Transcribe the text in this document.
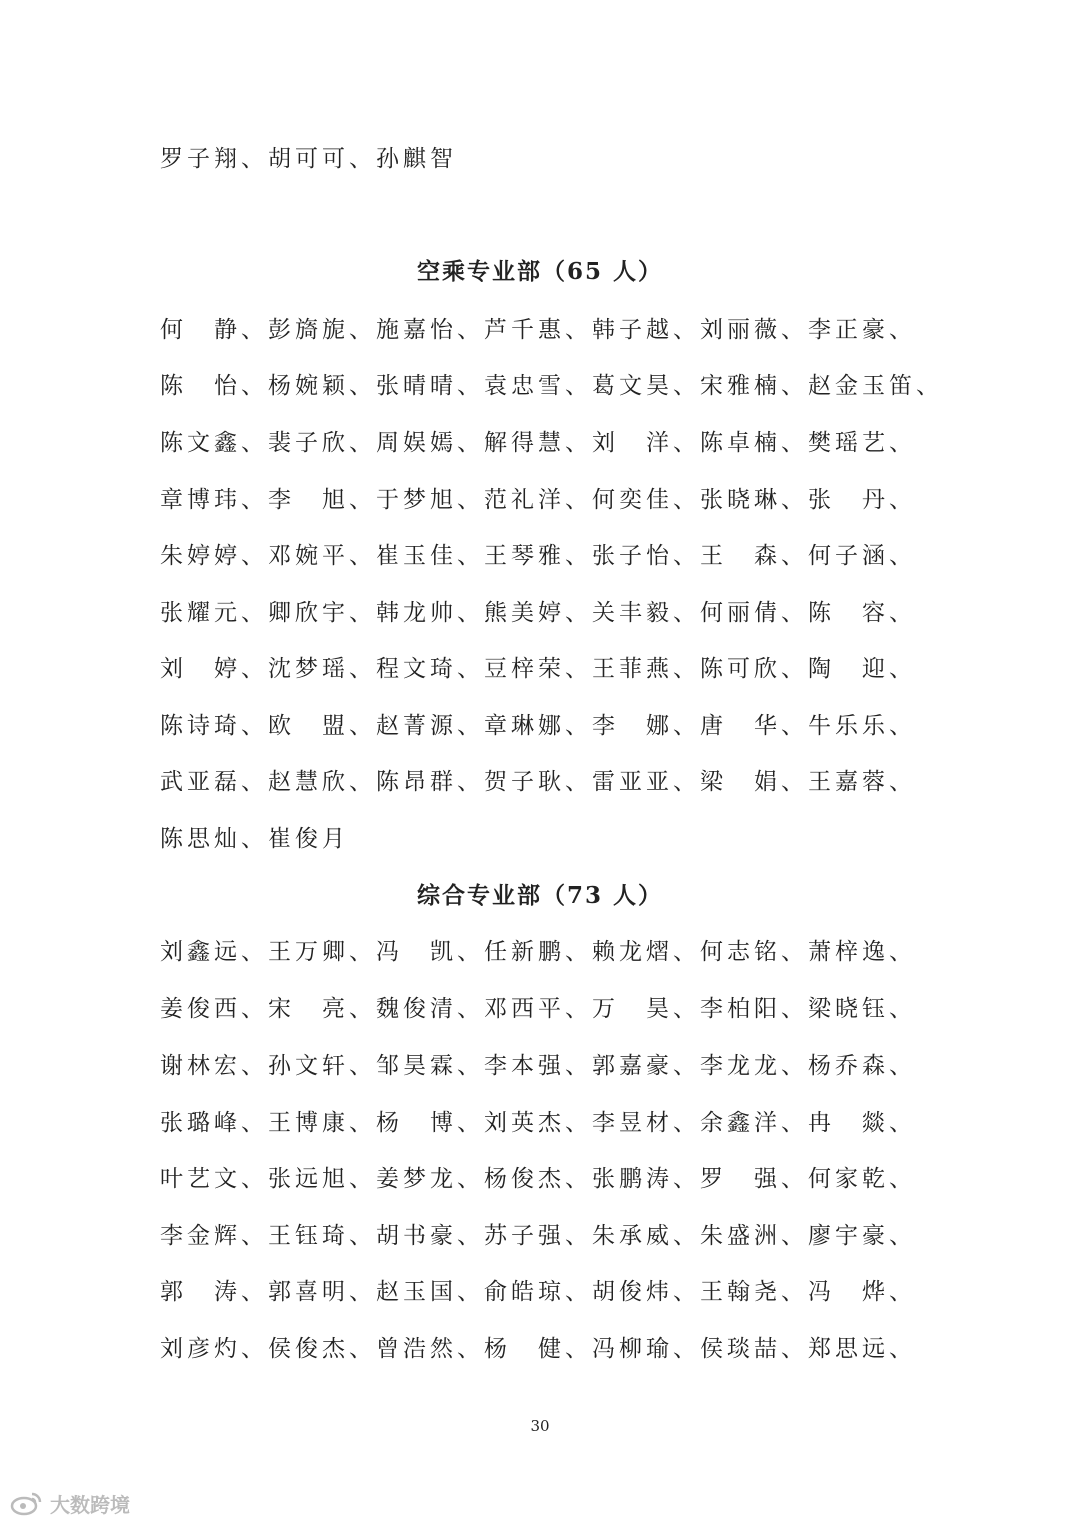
罗子翔、胡可可、孙麒智
空乘专业部（65 人）
何　静、彭旖旎、施嘉怡、芦千惠、韩子越、刘丽薇、李正豪、
陈　怡、杨婉颖、张晴晴、袁忠雪、葛文昊、宋雅楠、赵金玉笛、
陈文鑫、裴子欣、周娱嫣、解得慧、刘　洋、陈卓楠、樊瑶艺、
章博玮、李　旭、于梦旭、范礼洋、何奕佳、张晓琳、张　丹、
朱婷婷、邓婉平、崔玉佳、王琴雅、张子怡、王　森、何子涵、
张耀元、卿欣宇、韩龙帅、熊美婷、关丰毅、何丽倩、陈　容、
刘　婷、沈梦瑶、程文琦、豆梓荣、王菲燕、陈可欣、陶　迎、
陈诗琦、欧　盟、赵菁源、章琳娜、李　娜、唐　华、牛乐乐、
武亚磊、赵慧欣、陈昂群、贺子耿、雷亚亚、梁　娟、王嘉蓉、
陈思灿、崔俊月
综合专业部（73 人）
刘鑫远、王万卿、冯　凯、任新鹏、赖龙熠、何志铭、萧梓逸、
姜俊西、宋　亮、魏俊清、邓西平、万　昊、李柏阳、梁晓钰、
谢林宏、孙文轩、邹昊霖、李本强、郭嘉豪、李龙龙、杨乔森、
张璐峰、王博康、杨　博、刘英杰、李昱材、余鑫洋、冉　燚、
叶艺文、张远旭、姜梦龙、杨俊杰、张鹏涛、罗　强、何家乾、
李金辉、王钰琦、胡书豪、苏子强、朱承威、朱盛洲、廖宇豪、
郭　涛、郭喜明、赵玉国、俞皓琼、胡俊炜、王翰尧、冯　烨、
刘彦灼、侯俊杰、曾浩然、杨　健、冯柳瑜、侯琰喆、郑思远、
30
大数跨境
